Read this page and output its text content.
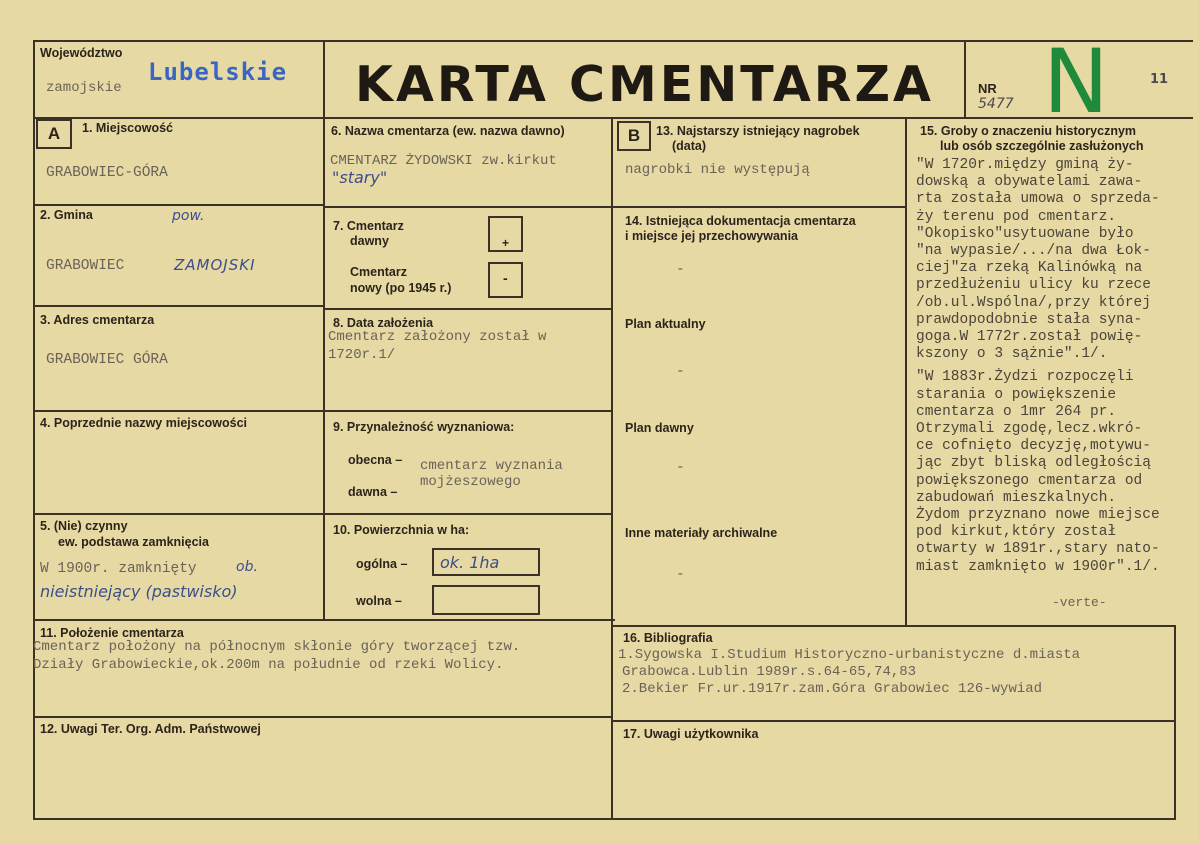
Województwo
zamojskie
Lubelskie KARTA CMENTARZA	NR
5477 N	11
A	1. Miejscowość
GRABOWIEC-GÓRA
2. Gmina	pow.
GRABOWIEC	ZAMOJSKI
3. Adres cmentarza
GRABOWIEC GÓRA
4. Poprzednie nazwy miejscowości
5. (Nie) czynny
ew. podstawa zamknięcia
W 1900r. zamknięty	ob.
nieistniejący (pastwisko)
6. Nazwa cmentarza (ew. nazwa dawno)
CMENTARZ ŻYDOWSKI zw.kirkut
"stary"
7. Cmentarz
dawny	+
Cmentarz
nowy (po 1945 r.)
-
8. Data założenia
Cmentarz założony został w
1720r.1/
9. Przynależność wyznaniowa:
obecna –
dawna –
cmentarz wyznania
mojżeszowego
10. Powierzchnia w ha:
ogólna – ok. 1ha
wolna –
B	13. Najstarszy istniejący nagrobek
(data)
nagrobki nie występują
14. Istniejąca dokumentacja cmentarza
i miejsce jej przechowywania
-
Plan aktualny
-
Plan dawny
-
Inne materiały archiwalne
-
15. Groby o znaczeniu historycznym
lub osób szczególnie zasłużonych
"W 1720r.między gminą ży-
dowską a obywatelami zawa-
rta została umowa o sprzeda-
ży terenu pod cmentarz.
"Okopisko"usytuowane było
"na wypasie/.../na dwa Łok-
ciej"za rzeką Kalinówką na
przedłużeniu ulicy ku rzece
/ob.ul.Wspólna/,przy której
prawdopodobnie stała syna-
goga.W 1772r.został powię-
kszony o 3 sążnie".1/.
"W 1883r.Żydzi rozpoczęli
starania o powiększenie
cmentarza o 1mr 264 pr.
Otrzymali zgodę,lecz.wkró-
ce cofnięto decyzję,motywu-
jąc zbyt bliską odległością
powiększonego cmentarza od
zabudowań mieszkalnych.
Żydom przyznano nowe miejsce
pod kirkut,który został
otwarty w 1891r.,stary nato-
miast zamknięto w 1900r".1/.
-verte-
11. Położenie cmentarza
Cmentarz położony na północnym skłonie góry tworzącej tzw.
Działy Grabowieckie,ok.200m na południe od rzeki Wolicy.
16. Bibliografia
1.Sygowska I.Studium Historyczno-urbanistyczne d.miasta
Grabowca.Lublin 1989r.s.64-65,74,83
2.Bekier Fr.ur.1917r.zam.Góra Grabowiec 126-wywiad
12. Uwagi Ter. Org. Adm. Państwowej	17. Uwagi użytkownika
